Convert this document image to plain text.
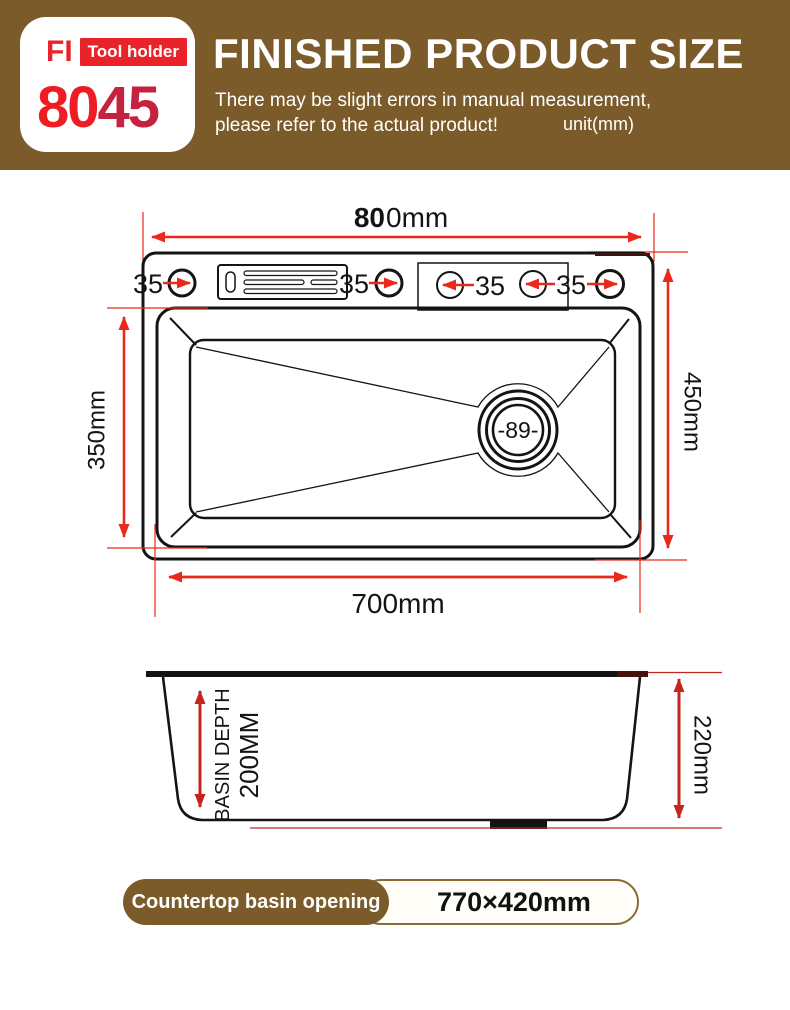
FI Tool holder
8045
FINISHED PRODUCT SIZE
There may be slight errors in manual measurement,
please refer to the actual product!	unit(mm)
80 0mm
-89-
35	35	35 35
350mm	450mm
700mm
BASIN DEPTH 200MM	220mm
770×420mm
Countertop basin opening
